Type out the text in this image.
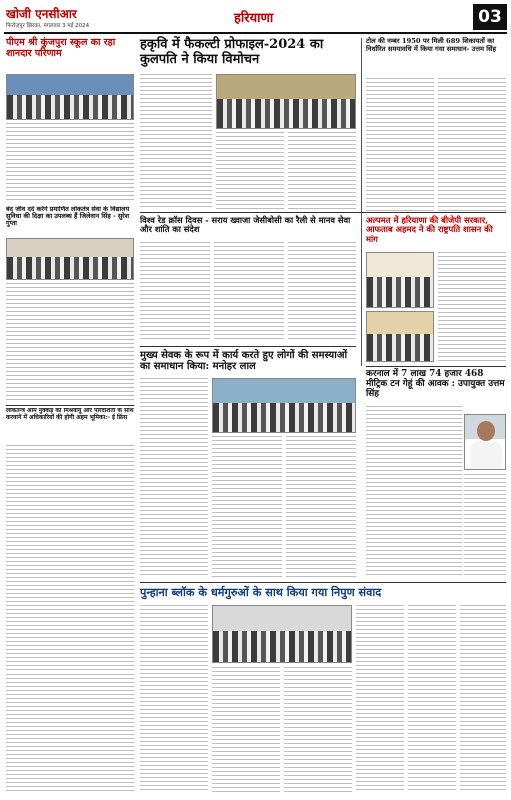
खोजी एनसीआर
फिरोज़पुर झिरका, मंगलवार 3 मई 2024	हरियाणा	03
पीएम श्री कुंजपुरा स्कूल का रहा शानदार परिणाम
बंद जीव दर्द करेंगे प्रमाणित लोकतंत्र सेवा के विद्यालय सुविधा की दिक्षा का उपलब्ध हैं जिलेवान सिंह - सुरेश गुप्ता
लोकतन्त्र आम नुक्कड़ को मिश्रवायु और पारदर्शिता के साथ करवाने में अधिकारियों की होगी अहम भूमिका:- ई फ्रिंस
हकृवि में फैकल्टी प्रोफाइल-2024 का कुलपति ने किया विमोचन
टोल की नम्बर 1950 पर मिली 689 शिकायतों का निर्धारित समयावधि में किया गया समाधान- उत्तम सिंह
विश्व रेड क्रॉस दिवस - सराय ख्वाजा जेसीबोसी का रैली से मानव सेवा और शांति का संदेश
अल्पमत में हरियाणा की बीजेपी सरकार, आफताब अहमद ने की राष्ट्रपति शासन की मांग
मुख्य सेवक के रूप में कार्य करते हुए लोगों की समस्याओं का समाधान किया: मनोहर लाल
करनाल में 7 लाख 74 हजार 468 मीट्रिक टन गेहूं की आवक : उपायुक्त उत्तम सिंह
पुन्हाना ब्लॉक के धर्मगुरुओं के साथ किया गया निपुण संवाद
